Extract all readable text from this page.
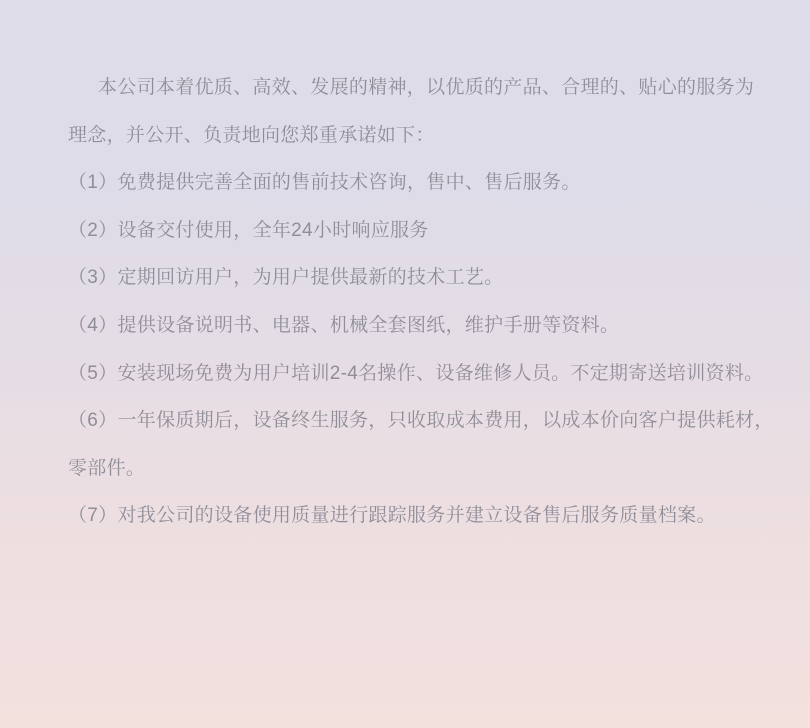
本公司本着优质、高效、发展的精神，以优质的产品、合理的、贴心的服务为
理念，并公开、负责地向您郑重承诺如下：
（1）免费提供完善全面的售前技术咨询，售中、售后服务。
（2）设备交付使用，全年24小时响应服务
（3）定期回访用户，为用户提供最新的技术工艺。
（4）提供设备说明书、电器、机械全套图纸，维护手册等资料。
（5）安装现场免费为用户培训2-4名操作、设备维修人员。不定期寄送培训资料。
（6）一年保质期后，设备终生服务，只收取成本费用，以成本价向客户提供耗材，
零部件。
（7）对我公司的设备使用质量进行跟踪服务并建立设备售后服务质量档案。
